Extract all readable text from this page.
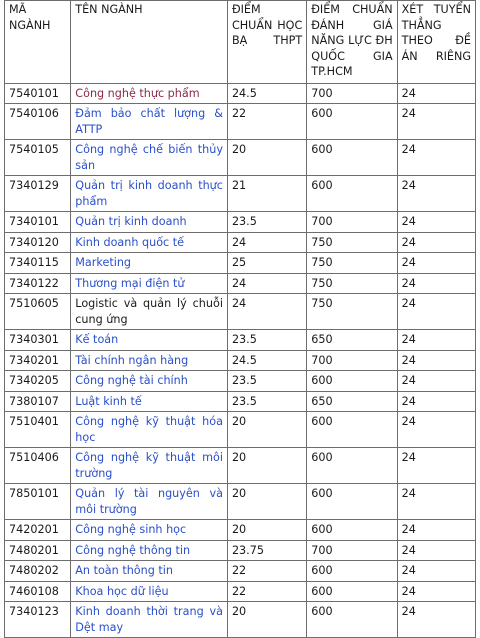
MÃ NGÀNH	TÊN NGÀNH	ĐIỂM CHUẨN HỌC BẠ THPT	ĐIỂM CHUẨN ĐÁNH GIÁ NĂNG LỰC ĐH QUỐC GIA TP.HCM	XÉT TUYỂN THẲNG THEO ĐỀ ÁN RIÊNG
7540101	Công nghệ thực phẩm	24.5	700	24
7540106	Đảm bảo chất lượng & ATTP	22	600	24
7540105	Công nghệ chế biến thủy sản	20	600	24
7340129	Quản trị kinh doanh thực phẩm	21	600	24
7340101	Quản trị kinh doanh	23.5	700	24
7340120	Kinh doanh quốc tế	24	750	24
7340115	Marketing	25	750	24
7340122	Thương mại điện tử	24	750	24
7510605	Logistic và quản lý chuỗi cung ứng	24	750	24
7340301	Kế toán	23.5	650	24
7340201	Tài chính ngân hàng	24.5	700	24
7340205	Công nghệ tài chính	23.5	600	24
7380107	Luật kinh tế	23.5	650	24
7510401	Công nghệ kỹ thuật hóa học	20	600	24
7510406	Công nghệ kỹ thuật môi trường	20	600	24
7850101	Quản lý tài nguyên và môi trường	20	600	24
7420201	Công nghệ sinh học	20	600	24
7480201	Công nghệ thông tin	23.75	700	24
7480202	An toàn thông tin	22	600	24
7460108	Khoa học dữ liệu	22	600	24
7340123	Kinh doanh thời trang và Dệt may	20	600	24
